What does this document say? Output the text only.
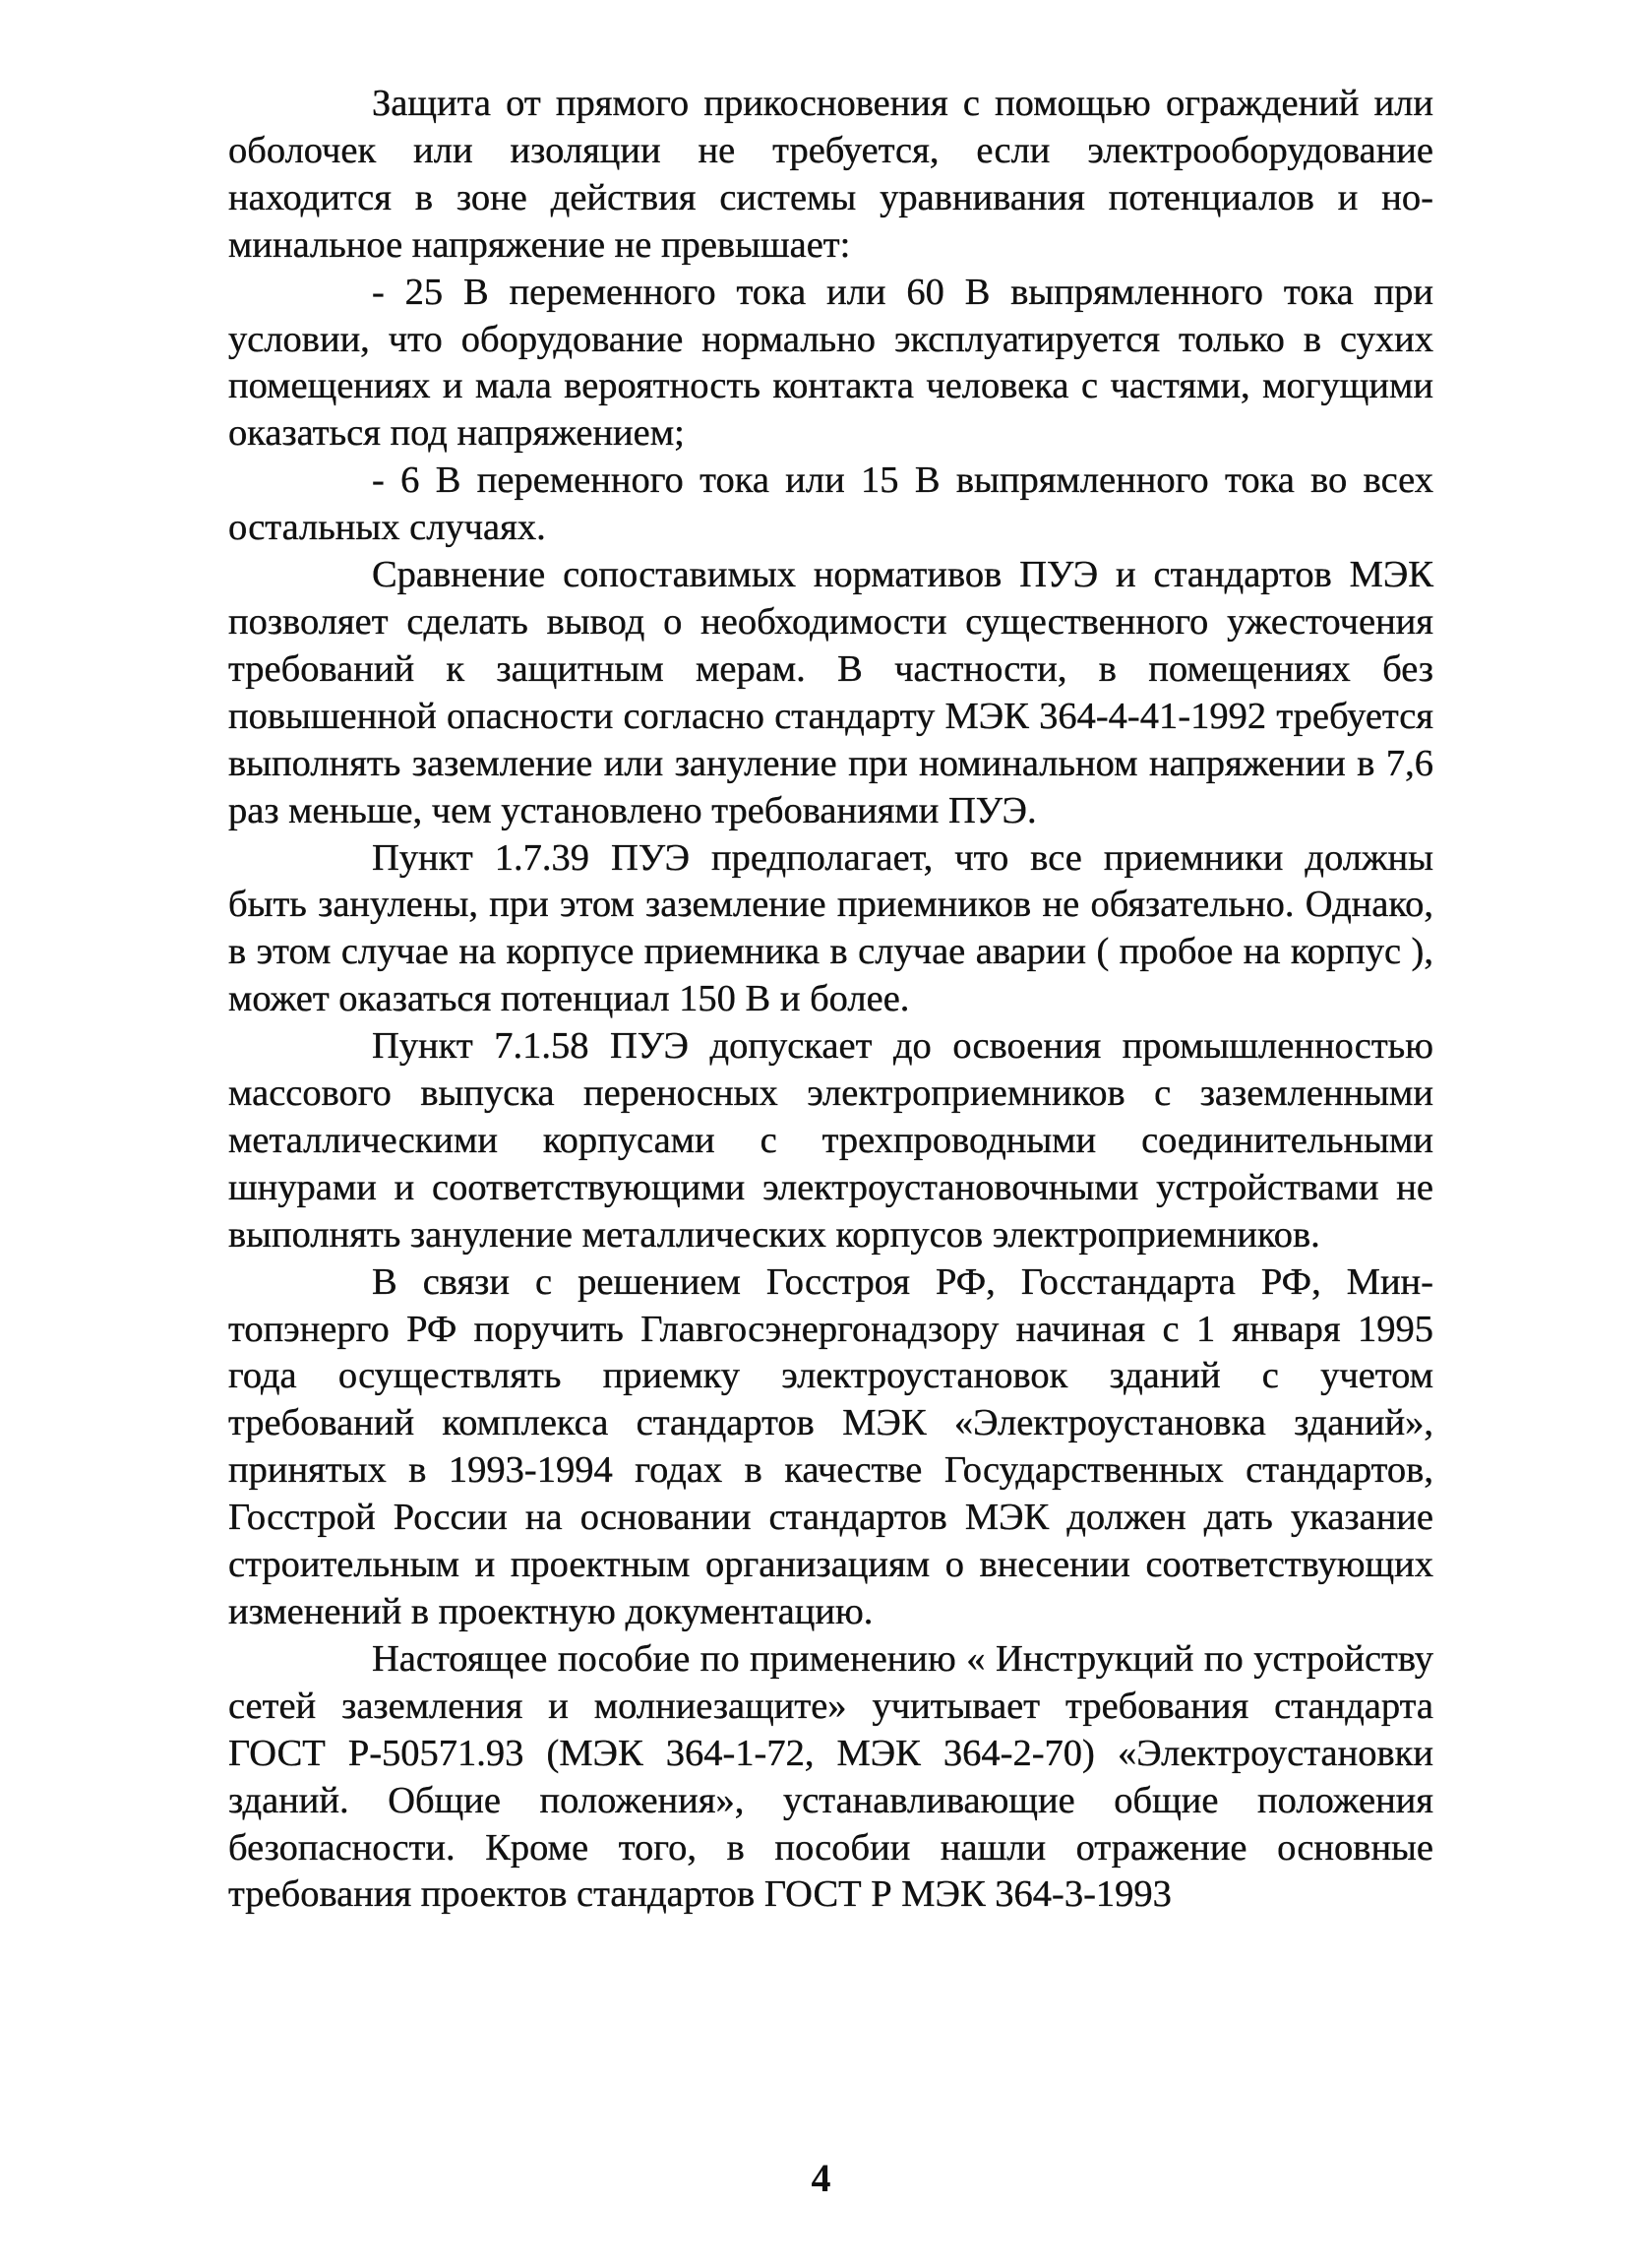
Защита от прямого прикосновения с помощью ограждений или оболочек или изоляции не требуется, если электрооборудование находится в зоне действия системы уравнивания потенциалов и номинальное напряжение не превышает:

- 25 В переменного тока или 60 В выпрямленного тока при условии, что оборудование нормально эксплуатируется только в сухих помещениях и мала вероятность контакта человека с частями, могущими оказаться под напряжением;

- 6 В переменного тока или 15 В выпрямленного тока во всех остальных случаях.

Сравнение сопоставимых нормативов ПУЭ и стандартов МЭК позволяет сделать вывод о необходимости существенного ужесточения требований к защитным мерам. В частности, в помещениях без повышенной опасности согласно стандарту МЭК 364-4-41-1992 требуется выполнять заземление или зануление при номинальном напряжении в 7,6 раз меньше, чем установлено требованиями ПУЭ.

Пункт 1.7.39 ПУЭ предполагает, что все приемники должны быть занулены, при этом заземление приемников не обязательно. Однако, в этом случае на корпусе приемника в случае аварии ( пробое на корпус ), может оказаться потенциал 150 В и более.

Пункт 7.1.58 ПУЭ допускает до освоения промышленностью массового выпуска переносных электроприемников с заземленными металлическими корпусами с трехпроводными соединительными шнурами и соответствующими электроустановочными устройствами не выполнять зануление металлических корпусов электроприемников.

В связи с решением Госстроя РФ, Госстандарта РФ, Минтопэнерго РФ поручить Главгосэнергонадзору начиная с 1 января 1995 года осуществлять приемку электроустановок зданий с учетом требований комплекса стандартов МЭК «Электроустановка зданий», принятых в 1993-1994 годах в качестве Государственных стандартов, Госстрой России на основании стандартов МЭК должен дать указание строительным и проектным организациям о внесении соответствующих изменений в проектную документацию.

Настоящее пособие по применению « Инструкций по устройству сетей заземления и молниезащите» учитывает требования стандарта ГОСТ Р-50571.93 (МЭК 364-1-72, МЭК 364-2-70) «Электроустановки зданий. Общие положения», устанавливающие общие положения безопасности. Кроме того, в пособии нашли отражение основные требования проектов стандартов ГОСТ Р МЭК 364-3-1993

4
